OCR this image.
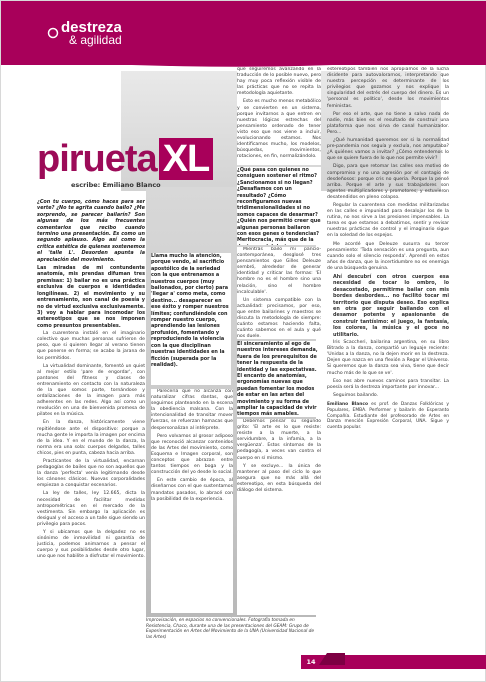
destreza
& agilidad
pirueta XL
escribe: Emiliano Blanco

¿Con tu cuerpo, cómo haces para ser verte? ¿No te agrita cuando bailo? ¿Me sorprendo, se parecer bailarín? Son algunas de los más frecuentes comentarios que recibo cuando termino una presentación. Es como un segundo aplauso. Algo así como la crítica estética de quienes sostenemos el 'talle L'. Desorden apunta la apreciación del movimiento.

Las miradas de mi contundente anatomía, mis prendas difuman tres premisas: 1) bailar no es una práctica exclusiva de cuerpos e identidades longilíneas. 2) el movimiento y su entrenamiento, son canal de poesía y no de virtud exclusiva exclusivamente. 3) voy a hablar para incomodar los estereotipos que se nos imponen como presuntos presentables.

La cuarentena instaló en el imaginario colectivo que muchas personas sufrieron de peso, que si quieren llegar al verano tienen que ponerse en forma; se acabo la jarana de los permitidos.

La virtualidad dominante, fomentó un quiet al mejor estilo 'pare de engordar', con pantones del fitness y clases de entrenamiento en contacto con la naturaleza de la que somos parte, tornándose y ordalizaciones de la imagen para más adherentes en las redes. Algo así como un revolución en una de bienvenida promesa de pilates en la música.

En la danza, históricamente viene repitiéndose ante el dispositivo: porque a mucha gente le importa la imagen por encima de la idea. Y en el mundo de la danza, la norma era una sola: cuerpos delgados, talles chicos, pies en punta, cabeza hacia arriba.

Practicantes de la virtualidad, encarnan pedagogías de bailes que no son aquellos que la danza 'perfecta' venía legitimando desde los cánones clásicos. Nuevas corporalidades empiezan a conquistar escenarios.

La ley de talles, ley 12.665, dicta la necesidad de facilitar medidas antropométricas en el mercado de la vestimenta. Sin embargo la aplicación es desigual y el acceso a un talle sigue siendo un privilegio para pocos.

Y si ubicamos que la delgadez no es sinónimo de inmovilidad ni garantía de justicia, podemos animarnos a pensar el cuerpo y sus posibilidades desde otro lugar, uno que nos habilite a disfrutar el movimiento.

Llama mucho la atención, porque vendo, al sacrificio apostólico de la seriedad con la que entrenamos a nuestros cuerpos (muy bailonados, por cierto) para 'llegar a' como meta, como destino... desaparecer en ese éxito y romper nuestros límites; confundiéndole con romper nuestro cuerpo, aprendiendo las lesiones profusión, fomentando y reproduciendo la violencia con la que disciplinan nuestras identidades en la ficción (superada por la realidad).

Parecería que no alcanza con naturalizar cifras dantas, que seguimos planteando en la escena la obediencia malsana. Con la intencionalidad de transitar mover fuerzas, se refuerzan hamacas que despersonalizan al intérprete.

Pero volvamos al grosor adiposo que reconoció alcanzar contenidos de las Artes del movimiento, como Esquema e Imagen corporal, son conceptos que abrazan entre tantos tiempos en boga y la construcción del yo desde lo social.

En este cambio de época, al diseñarnos con el que sustentamos mandatos pasados, lo abracé con la posibilidad de la experiencia.

que seguiremos avanzando en la traducción de lo posible nuevo, pero hay muy poca reflexión visible de las prácticas que no se repita la metodología aquietante.

Esto es mucho menos metabólico y se convierten en un sistema, porque invitarnos a que entren en nuestras lógicas estrechas del pensamiento ordenado de tener visto eso que nos viene a incluir, evolucionando estamos. Nos identificamos mucho, los modelos, búsquedas, movimientos, rotaciones, en fin, normalizándolo.

¿Qué pasa con quienes no consiguen sostener el ritmo? ¿Sancionamos si no llegan? ¿Desafiamos con un resultado? ¿Cómo reconfiguramos nuevas tridimensionalidades si no somos capaces de desarmar? ¿Quién nos permitió creer que algunas personas bailaron con esos genes o tendencias? Meritocracia, más que de la

Mientras bailo mi pancio-contemporánea, desglosé tres pensamientos que Gilles Deleuze sembró, alrededor de generar identidad y criticar las formas: 'El hombre no es el hombre sino una relación, sino el hombre incalculable'.

Un sistema compatible con la actualidad: precisamos, por eso, que entre bailarines y maestros se discuta la metodología de siempre: cuánto estamos haciendo falta, cuánto sabemos en el aula y qué nos duele.

El sinceramiento al ego de nuestros intereses demanda, fuera de los prerequisitos de tener la respuesta de la identidad y las expectativas. El encanto de anatomías, ergonomías nuevas que puedan fomentar los modos de estar en las artes del movimiento y su forma de ampliar la capacidad de vivir tiempos más amables.

Debemos pensar su segundo grito: 'El arte es lo que resiste: resiste a la muerte, a la servidumbre, a la infamia, a la vergüenza'. Estos síntomas de la pedagogía, a veces van contra el cuerpo en sí mismo.

Y se excluye... la única de mantener al paso del ciclo lo que asegura que no más allá del estereotipo, en esta búsqueda del diálogo del sistema.

estereotipos también nos apropiamos de la lucha disidente para autovalorarnos, interpretando que nuestra percepción es determinante de los privilegios que gozamos y nos explique la singularidad del estrés del cuerpo del dinero. Es un 'personal es político', desde los movimientos feministas.

Por eso el arte, que no tiene a salvo nada de nadie, más bien es el resultado de construir una plataforma que nos sirva de canal humanizador. Pero...

¿Qué humanidad queremos ser si la normalidad pre-pandemia nos seguía y excluía, nos amputaba? ¿A quiénes vamos a invitar? ¿Cómo entendemos lo que se quiere fuera de lo que nos permite vivir?

Digo, para que retomar las calles sea motivo de compromiso y no una agresión por el contagio de desdeñosos: porque cris no queria. Porque la pensé arriba. Porque el arte y sus trabajadores son agentes multiplicadores y promotores; y estuvieron desatendidos en pleno colapso.

Regular la cuarentena con medidas militarizadas en las calles e impunidad para desalojar los de la rutina, no nos sirve a las presiones impensables. La tarea es que estamos a debatirnos, sentir y revisar nuestras prácticas de control y el imaginario sigue en la soledad de los espejos.

Me acordé que Deleuze susurra su tercer pensamiento: 'Toda sensación es una pregunta, aun cuando solo el silencio responda'. Aprendí en estos años de danza, que la incertidumbre no es enemiga de una búsqueda genuina.

Ahí descubrí con otros cuerpos esa necesidad de tocar lo ombro, lo desacostado, permitirme bailar con mis bordes desbordes... no facilitó tocar mi territorio que disputa deseo. Eso explica en otra por seguir bailando con el desamor potente y apasionante de construir tantísimo: el juego, la fantasía, los colores, la música y el goce no utilitario.

Iris Scaccheri, bailarina argentina, en su libro Bitrado a la danza, compartió un leguaje reciente: 'Unidas a la danza, no la dejen morir en la destreza. Dejen que nazca en una flexión a Regar el Universo. Si queremos que la danza sea viva, tiene que decir mucho más de lo que se ve'.

Eso nos abre nuevos caminos para transitar. La poesía será la destreza importante por innovar...

Seguimos bailando.

Emiliano Blanco es prof. de Danzas Folklóricas y Populares, EMBA. Performer y bailarín de Esperanto Compañía. Estudiante del profesorado de Artes en Danza mención Expresión Corporal, UNA. Sigue y cuenta popular.
Improvisación, en espacios no convencionales. Fotografía tomada en Resistencia, Chaco, durante una de las presentaciones del GEAM: Grupo de Experimentación en Artes del Movimiento de la UNA (Universidad Nacional de las Artes)
14
